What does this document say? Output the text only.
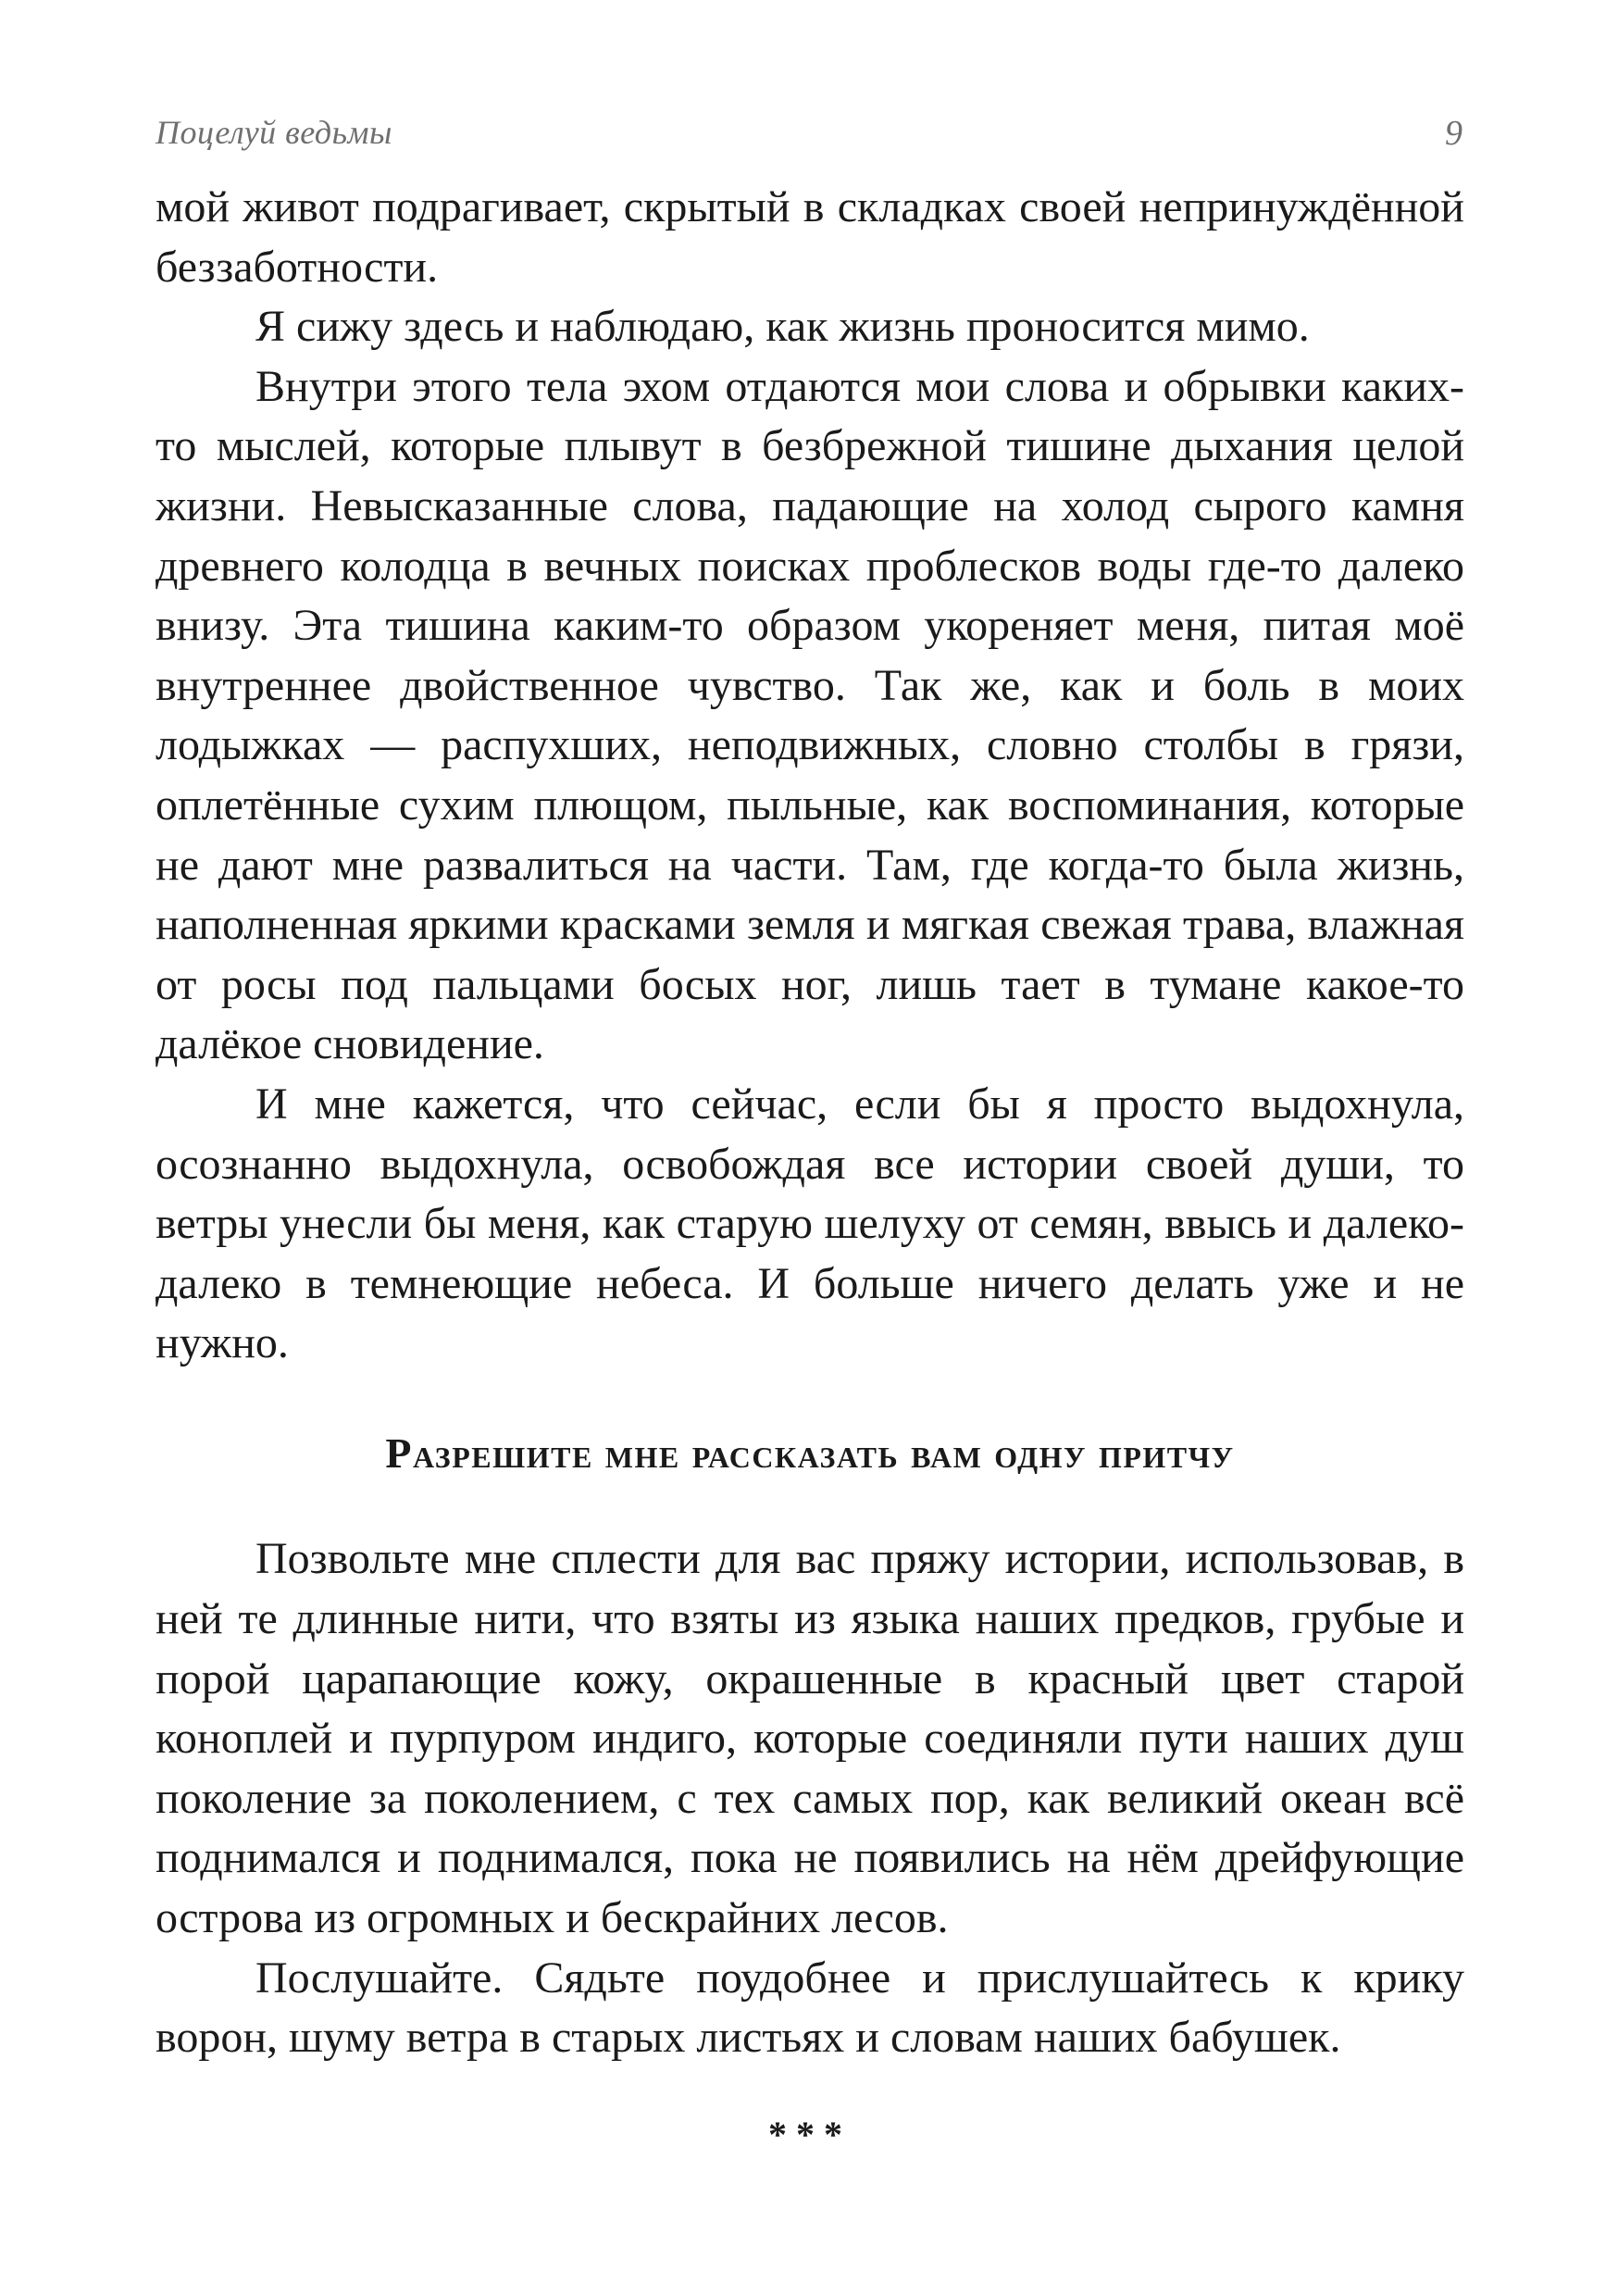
Поцелуй ведьмы	9

мой живот подрагивает, скрытый в складках своей непринуждённой беззаботности.

Я сижу здесь и наблюдаю, как жизнь проносится мимо.

Внутри этого тела эхом отдаются мои слова и обрывки каких-то мыслей, которые плывут в безбрежной тишине дыхания целой жизни. Невысказанные слова, падающие на холод сырого камня древнего колодца в вечных поисках проблесков воды где-то далеко внизу. Эта тишина каким-то образом укореняет меня, питая моё внутреннее двойственное чувство. Так же, как и боль в моих лодыжках — распухших, неподвижных, словно столбы в грязи, оплетённые сухим плющом, пыльные, как воспоминания, которые не дают мне развалиться на части. Там, где когда-то была жизнь, наполненная яркими красками земля и мягкая свежая трава, влажная от росы под пальцами босых ног, лишь тает в тумане какое-то далёкое сновидение.

И мне кажется, что сейчас, если бы я просто выдохнула, осознанно выдохнула, освобождая все истории своей души, то ветры унесли бы меня, как старую шелуху от семян, ввысь и далеко-далеко в темнеющие небеса. И больше ничего делать уже и не нужно.

Разрешите мне рассказать вам одну притчу

Позвольте мне сплести для вас пряжу истории, использовав, в ней те длинные нити, что взяты из языка наших предков, грубые и порой царапающие кожу, окрашенные в красный цвет старой коноплей и пурпуром индиго, которые соединяли пути наших душ поколение за поколением, с тех самых пор, как великий океан всё поднимался и поднимался, пока не появились на нём дрейфующие острова из огромных и бескрайних лесов.

Послушайте. Сядьте поудобнее и прислушайтесь к крику ворон, шуму ветра в старых листьях и словам наших бабушек.

***
